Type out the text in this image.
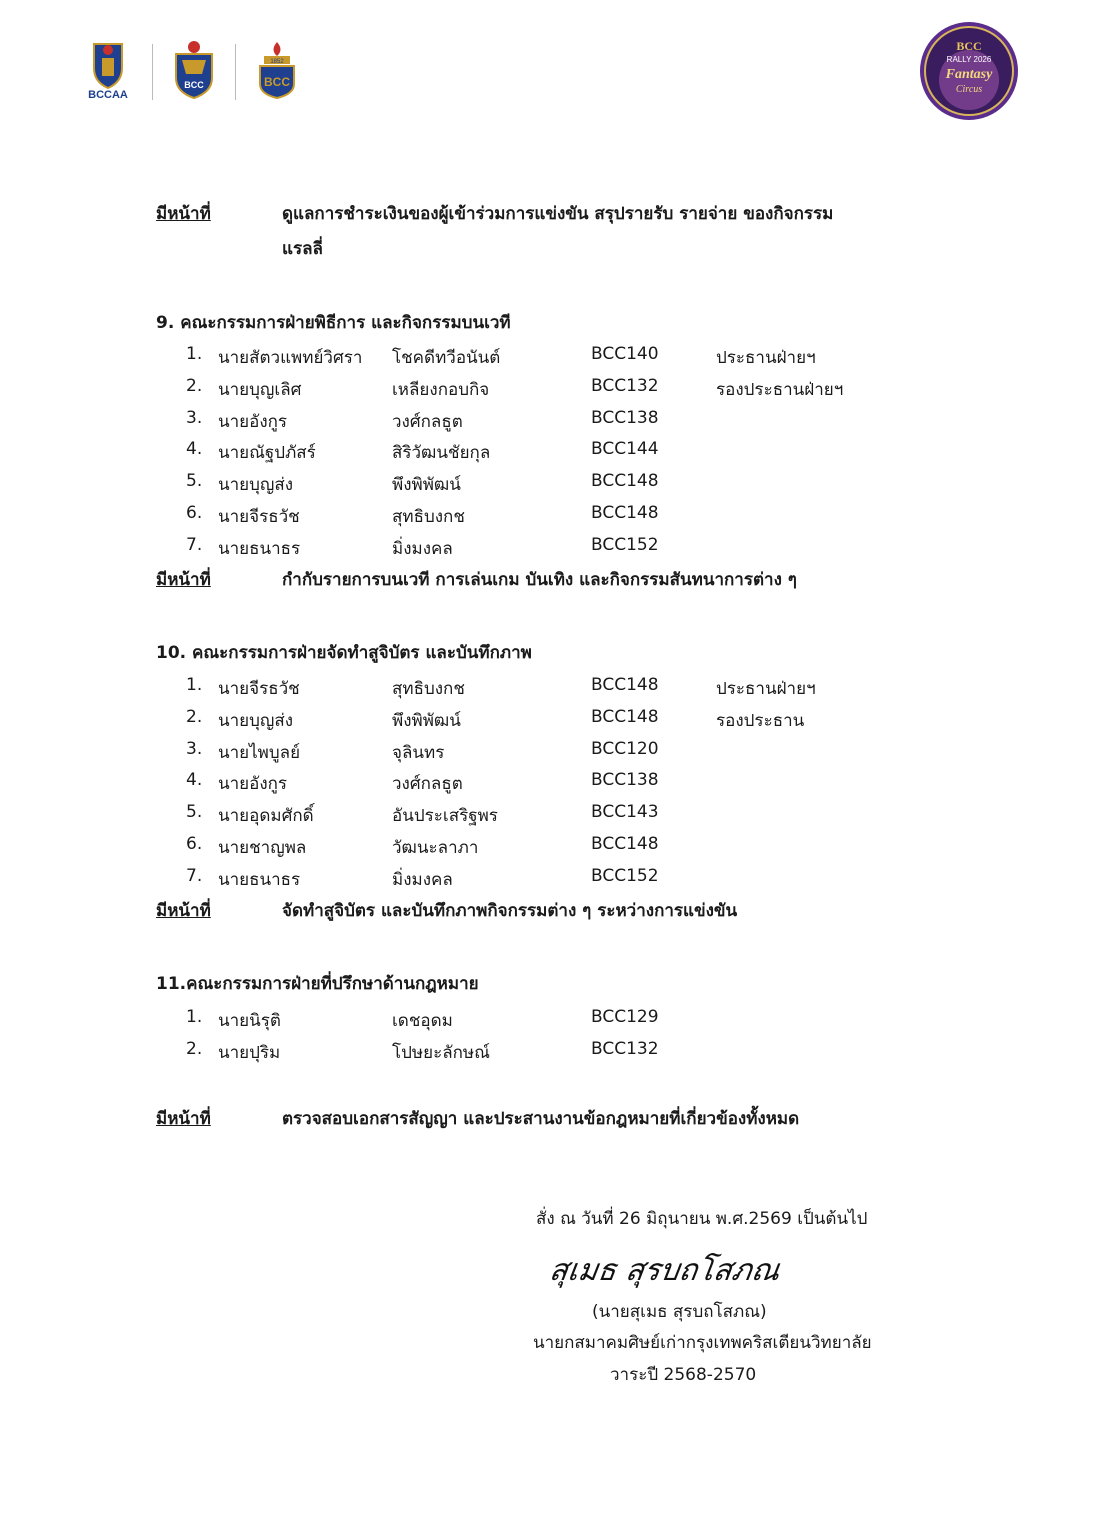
BCCAA
BCC
1852
BCC
BCC
RALLY 2026
Fantasy
Circus
มีหน้าที่	ดูแลการชำระเงินของผู้เข้าร่วมการแข่งขัน สรุปรายรับ รายจ่าย ของกิจกรรม
แรลลี่
9. คณะกรรมการฝ่ายพิธีการ และกิจกรรมบนเวที
1. นายสัตวแพทย์วิศรา โชคดีทวีอนันต์	BCC140	ประธานฝ่ายฯ
2. นายบุญเลิศ	เหลียงกอบกิจ	BCC132	รองประธานฝ่ายฯ
3. นายอังกูร	วงศ์กลธูต	BCC138
4. นายณัฐปภัสร์	สิริวัฒนชัยกุล	BCC144
5. นายบุญส่ง	พึงพิพัฒน์	BCC148
6. นายจีรธวัช	สุทธิบงกช	BCC148
7. นายธนาธร	มิ่งมงคล	BCC152
มีหน้าที่	กำกับรายการบนเวที การเล่นเกม บันเทิง และกิจกรรมสันทนาการต่าง ๆ
10. คณะกรรมการฝ่ายจัดทำสูจิบัตร และบันทึกภาพ
1. นายจีรธวัช	สุทธิบงกช	BCC148	ประธานฝ่ายฯ
2. นายบุญส่ง	พึงพิพัฒน์	BCC148	รองประธาน
3. นายไพบูลย์	จุลินทร	BCC120
4. นายอังกูร	วงศ์กลธูต	BCC138
5. นายอุดมศักดิ์	อันประเสริฐพร	BCC143
6. นายชาญพล	วัฒนะลาภา	BCC148
7. นายธนาธร	มิ่งมงคล	BCC152
มีหน้าที่	จัดทำสูจิบัตร และบันทึกภาพกิจกรรมต่าง ๆ ระหว่างการแข่งขัน
11.คณะกรรมการฝ่ายที่ปรึกษาด้านกฎหมาย
1. นายนิรุติ	เดชอุดม	BCC129
2. นายปุริม	โปษยะลักษณ์	BCC132
มีหน้าที่	ตรวจสอบเอกสารสัญญา และประสานงานข้อกฎหมายที่เกี่ยวข้องทั้งหมด
สั่ง ณ วันที่ 26 มิถุนายน พ.ศ.2569 เป็นต้นไป
สุเมธ สุรบถโสภณ
(นายสุเมธ สุรบถโสภณ)
นายกสมาคมศิษย์เก่ากรุงเทพคริสเตียนวิทยาลัย
วาระปี 2568-2570
